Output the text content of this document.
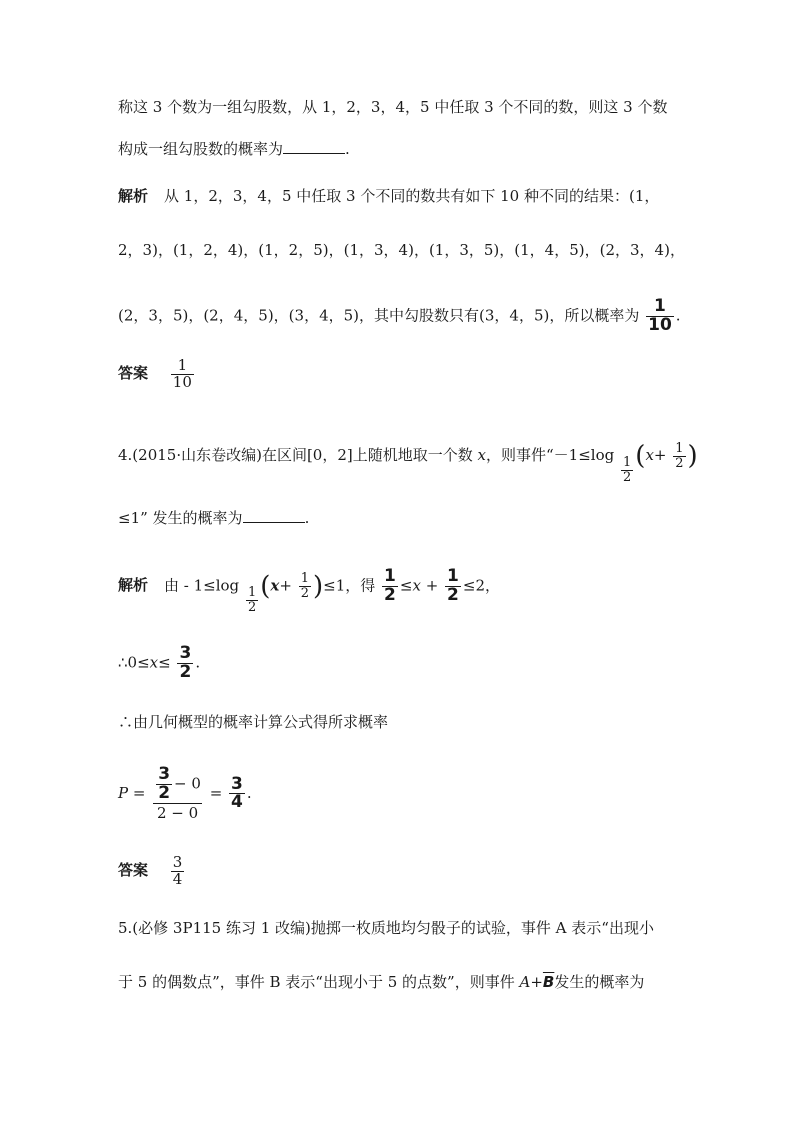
称这 3 个数为一组勾股数，从 1，2，3，4，5 中任取 3 个不同的数，则这 3 个数
构成一组勾股数的概率为	.
解析 从 1，2，3，4，5 中任取 3 个不同的数共有如下 10 种不同的结果：(1，
2，3)，(1，2，4)，(1，2，5)，(1，3，4)，(1，3，5)，(1，4，5)，(2，3，4)，
(2，3，5)，(2，4，5)，(3，4，5)，其中勾股数只有(3，4，5)，所以概率为 $\frac{1}{10}$ .
答案 $\frac{1}{10}$
4.(2015·山东卷改编)在区间[0，2]上随机地取一个数 x，则事件“－1≤log
$\frac{1}{2} (x+ \frac{1}{2}$ )
≤1” 发生的概率为	.
解析 由 - 1≤log
$\frac{1}{2} (x+ \frac{1}{2} )\le 1$，得 $\frac{1}{2} \le x + \frac{1}{2} \le 2$，
∴0≤x≤ $\frac{3}{2}$ .
∴由几何概型的概率计算公式得所求概率
$P = \frac{\frac{3}{2} - 0}{2 - 0} = \frac{3}{4}$ .
答案 $\frac{3}{4}$
5.(必修 3P115 练习 1 改编)抛掷一枚质地均匀骰子的试验，事件 A 表示“出现小
于 5 的偶数点”，事件 B 表示“出现小于 5 的点数”，则事件 $A+\overline{B}$发生的概率为
